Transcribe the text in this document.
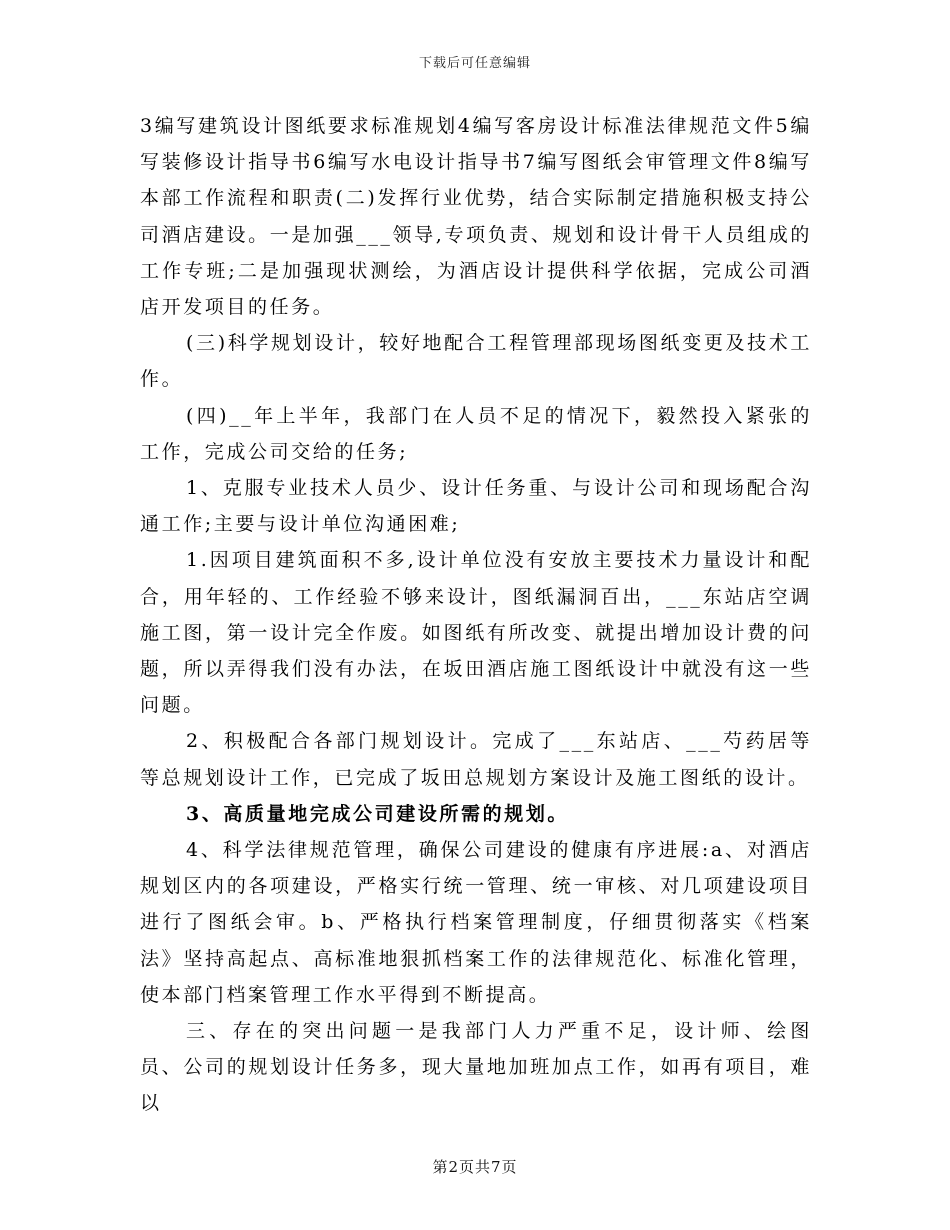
下载后可任意编辑

3编写建筑设计图纸要求标准规划4编写客房设计标准法律规范文件5编写装修设计指导书6编写水电设计指导书7编写图纸会审管理文件8编写本部工作流程和职责(二)发挥行业优势，结合实际制定措施积极支持公司酒店建设。一是加强___领导,专项负责、规划和设计骨干人员组成的工作专班;二是加强现状测绘，为酒店设计提供科学依据，完成公司酒店开发项目的任务。

(三)科学规划设计，较好地配合工程管理部现场图纸变更及技术工作。

(四)__年上半年，我部门在人员不足的情况下，毅然投入紧张的工作，完成公司交给的任务;

1、克服专业技术人员少、设计任务重、与设计公司和现场配合沟通工作;主要与设计单位沟通困难;

1.因项目建筑面积不多,设计单位没有安放主要技术力量设计和配合，用年轻的、工作经验不够来设计，图纸漏洞百出，___东站店空调施工图，第一设计完全作废。如图纸有所改变、就提出增加设计费的问题，所以弄得我们没有办法，在坂田酒店施工图纸设计中就没有这一些问题。

2、积极配合各部门规划设计。完成了___东站店、___芍药居等等总规划设计工作，已完成了坂田总规划方案设计及施工图纸的设计。

3、高质量地完成公司建设所需的规划。

4、科学法律规范管理，确保公司建设的健康有序进展:a、对酒店规划区内的各项建设，严格实行统一管理、统一审核、对几项建设项目进行了图纸会审。b、严格执行档案管理制度，仔细贯彻落实《档案法》坚持高起点、高标准地狠抓档案工作的法律规范化、标准化管理，使本部门档案管理工作水平得到不断提高。

三、存在的突出问题一是我部门人力严重不足，设计师、绘图员、公司的规划设计任务多，现大量地加班加点工作，如再有项目，难以

第2页共7页
